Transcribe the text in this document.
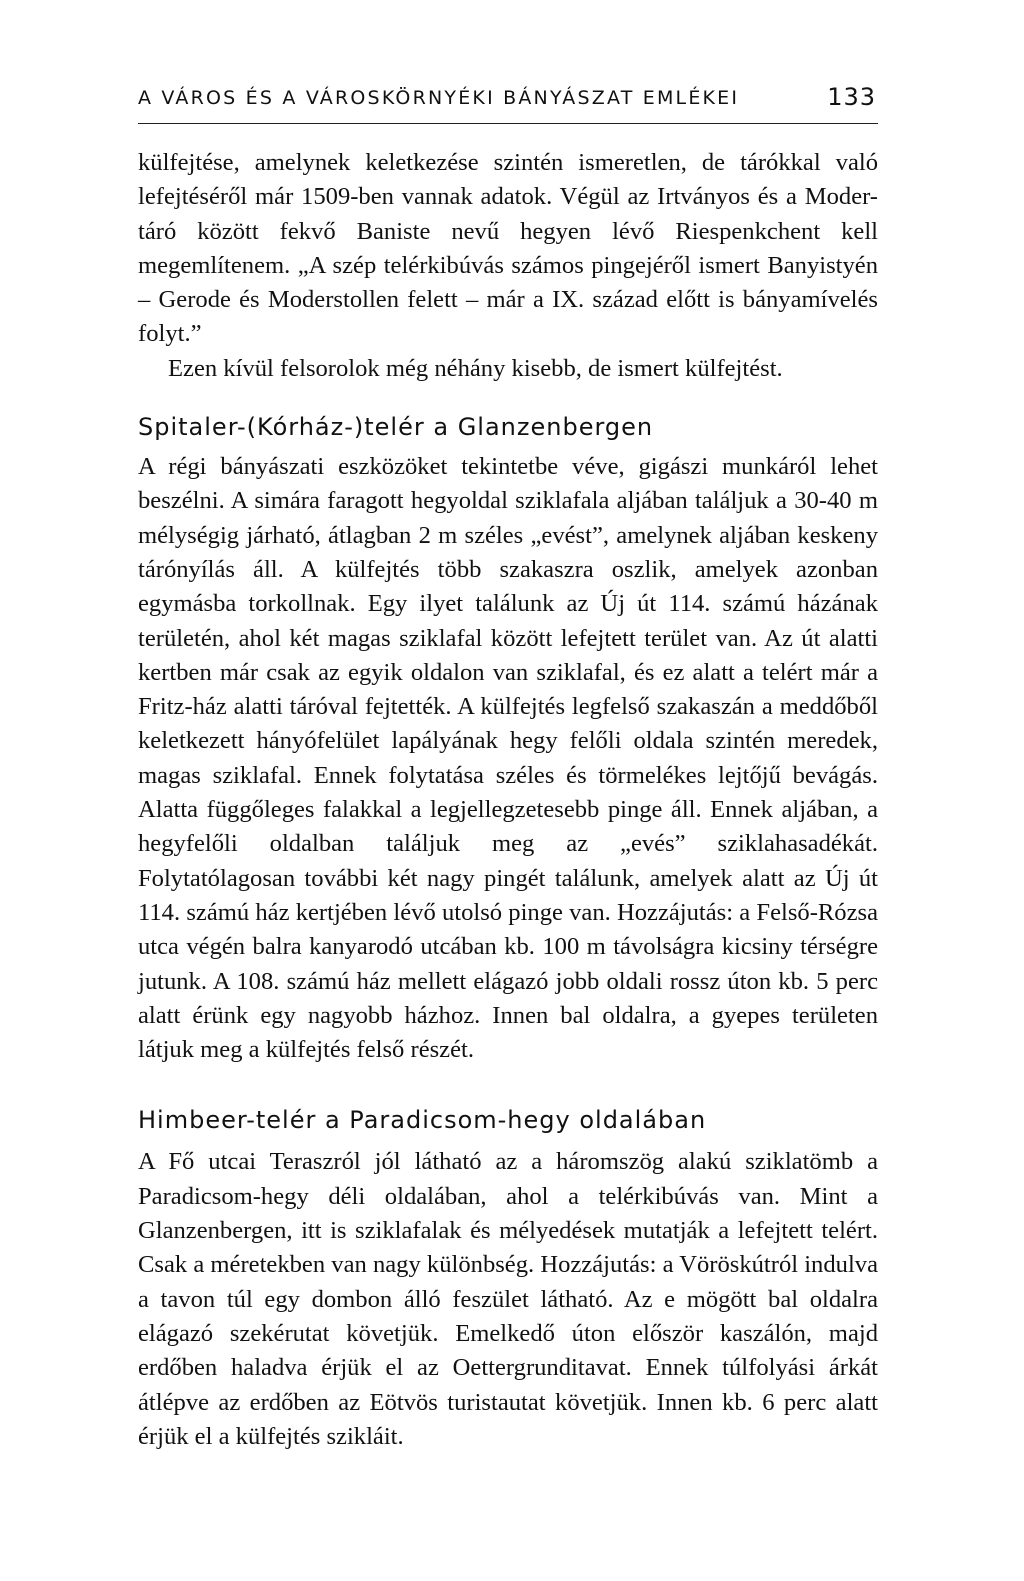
A VÁROS ÉS A VÁROSKÖRNYÉKI BÁNYÁSZAT EMLÉKEI	133

külfejtése, amelynek keletkezése szintén ismeretlen, de tárókkal való lefejtéséről már 1509-ben vannak adatok. Végül az Irtványos és a Moder-táró között fekvő Baniste nevű hegyen lévő Riespenkchent kell megemlítenem. „A szép telérkibúvás számos pingejéről ismert Banyistyén – Gerode és Moderstollen felett – már a IX. század előtt is bányamívelés folyt.”

Ezen kívül felsorolok még néhány kisebb, de ismert külfejtést.

Spitaler-(Kórház-)telér a Glanzenbergen

A régi bányászati eszközöket tekintetbe véve, gigászi munkáról lehet beszélni. A simára faragott hegyoldal sziklafala aljában találjuk a 30-40 m mélységig járható, átlagban 2 m széles „evést”, amelynek aljában keskeny tárónyílás áll. A külfejtés több szakaszra oszlik, amelyek azonban egymásba torkollnak. Egy ilyet találunk az Új út 114. számú házának területén, ahol két magas sziklafal között lefejtett terület van. Az út alatti kertben már csak az egyik oldalon van sziklafal, és ez alatt a telért már a Fritz-ház alatti táróval fejtették. A külfejtés legfelső szakaszán a meddőből keletkezett hányófelület lapályának hegy felőli oldala szintén meredek, magas sziklafal. Ennek folytatása széles és törmelékes lejtőjű bevágás. Alatta függőleges falakkal a legjellegzetesebb pinge áll. Ennek aljában, a hegyfelőli oldalban találjuk meg az „evés” sziklahasadékát. Folytatólagosan további két nagy pingét találunk, amelyek alatt az Új út 114. számú ház kertjében lévő utolsó pinge van. Hozzájutás: a Felső-Rózsa utca végén balra kanyarodó utcában kb. 100 m távolságra kicsiny térségre jutunk. A 108. számú ház mellett elágazó jobb oldali rossz úton kb. 5 perc alatt érünk egy nagyobb házhoz. Innen bal oldalra, a gyepes területen látjuk meg a külfejtés felső részét.

Himbeer-telér a Paradicsom-hegy oldalában

A Fő utcai Teraszról jól látható az a háromszög alakú sziklatömb a Paradicsom-hegy déli oldalában, ahol a telérkibúvás van. Mint a Glanzenbergen, itt is sziklafalak és mélyedések mutatják a lefejtett telért. Csak a méretekben van nagy különbség. Hozzájutás: a Vöröskútról indulva a tavon túl egy dombon álló feszület látható. Az e mögött bal oldalra elágazó szekérutat követjük. Emelkedő úton először kaszálón, majd erdőben haladva érjük el az Oettergrunditavat. Ennek túlfolyási árkát átlépve az erdőben az Eötvös turistautat követjük. Innen kb. 6 perc alatt érjük el a külfejtés szikláit.
